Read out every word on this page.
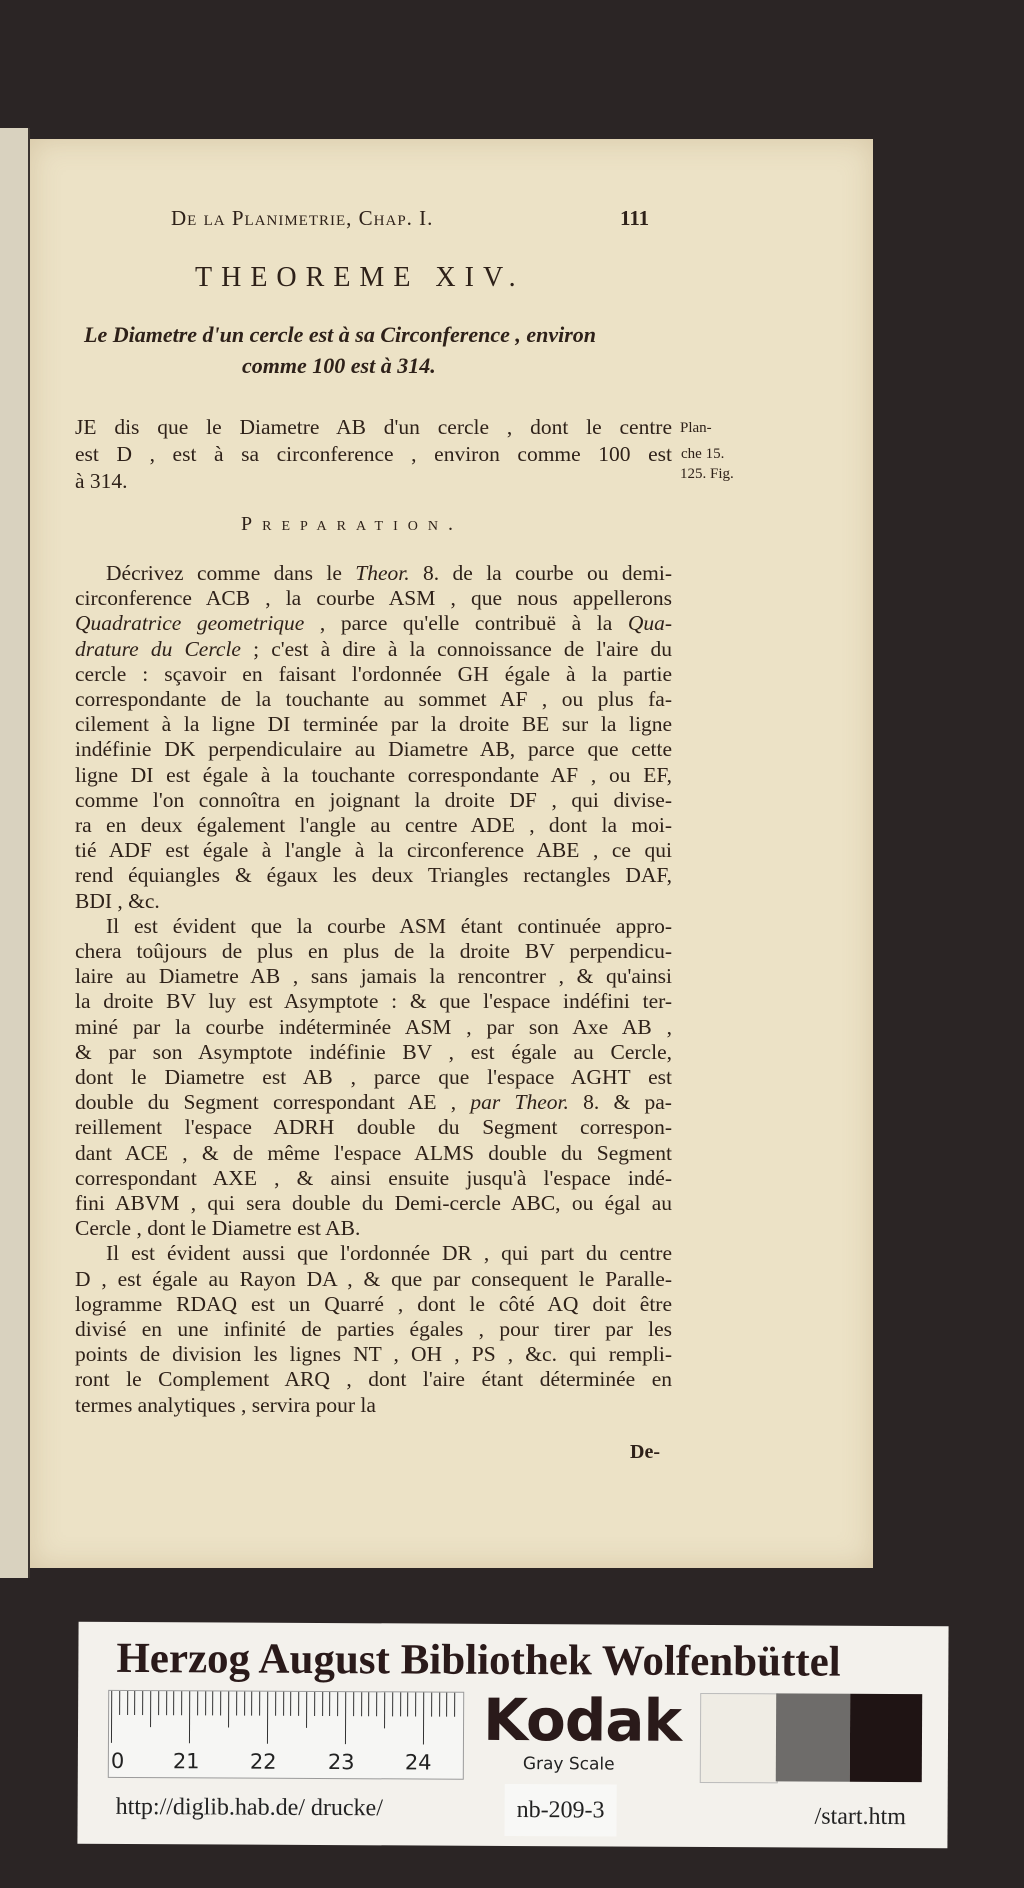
De la Planimetrie, Chap. I.	111
THEOREME XIV.
Le Diametre d'un cercle est à sa Circonference , environ
comme 100 est à 314.
JE dis que le Diametre AB d'un cercle , dont le centre
est D , est à sa circonference , environ comme 100 est
à 314.
Plan-
che 15.
125. Fig.
Preparation.
Décrivez comme dans le Theor. 8. de la courbe ou demi-
circonference ACB , la courbe ASM , que nous appellerons
Quadratrice geometrique , parce qu'elle contribuë à la Qua-
drature du Cercle ; c'est à dire à la connoissance de l'aire du
cercle : sçavoir en faisant l'ordonnée GH égale à la partie
correspondante de la touchante au sommet AF , ou plus fa-
cilement à la ligne DI terminée par la droite BE sur la ligne
indéfinie DK perpendiculaire au Diametre AB, parce que cette
ligne DI est égale à la touchante correspondante AF , ou EF,
comme l'on connoîtra en joignant la droite DF , qui divise-
ra en deux également l'angle au centre ADE , dont la moi-
tié ADF est égale à l'angle à la circonference ABE , ce qui
rend équiangles & égaux les deux Triangles rectangles DAF,
BDI , &c.
Il est évident que la courbe ASM étant continuée appro-
chera toûjours de plus en plus de la droite BV perpendicu-
laire au Diametre AB , sans jamais la rencontrer , & qu'ainsi
la droite BV luy est Asymptote : & que l'espace indéfini ter-
miné par la courbe indéterminée ASM , par son Axe AB ,
& par son Asymptote indéfinie BV , est égale au Cercle,
dont le Diametre est AB , parce que l'espace AGHT est
double du Segment correspondant AE , par Theor. 8. & pa-
reillement l'espace ADRH double du Segment correspon-
dant ACE , & de même l'espace ALMS double du Segment
correspondant AXE , & ainsi ensuite jusqu'à l'espace indé-
fini ABVM , qui sera double du Demi-cercle ABC, ou égal au
Cercle , dont le Diametre est AB.
Il est évident aussi que l'ordonnée DR , qui part du centre
D , est égale au Rayon DA , & que par consequent le Paralle-
logramme RDAQ est un Quarré , dont le côté AQ doit être
divisé en une infinité de parties égales , pour tirer par les
points de division les lignes NT , OH , PS , &c. qui rempli-
ront le Complement ARQ , dont l'aire étant déterminée en
termes analytiques , servira pour la
De-
Herzog August Bibliothek Wolfenbüttel
0 21 22 23 24
Kodak
Gray Scale
http://diglib.hab.de/ drucke/	nb-209-3	/start.htm
